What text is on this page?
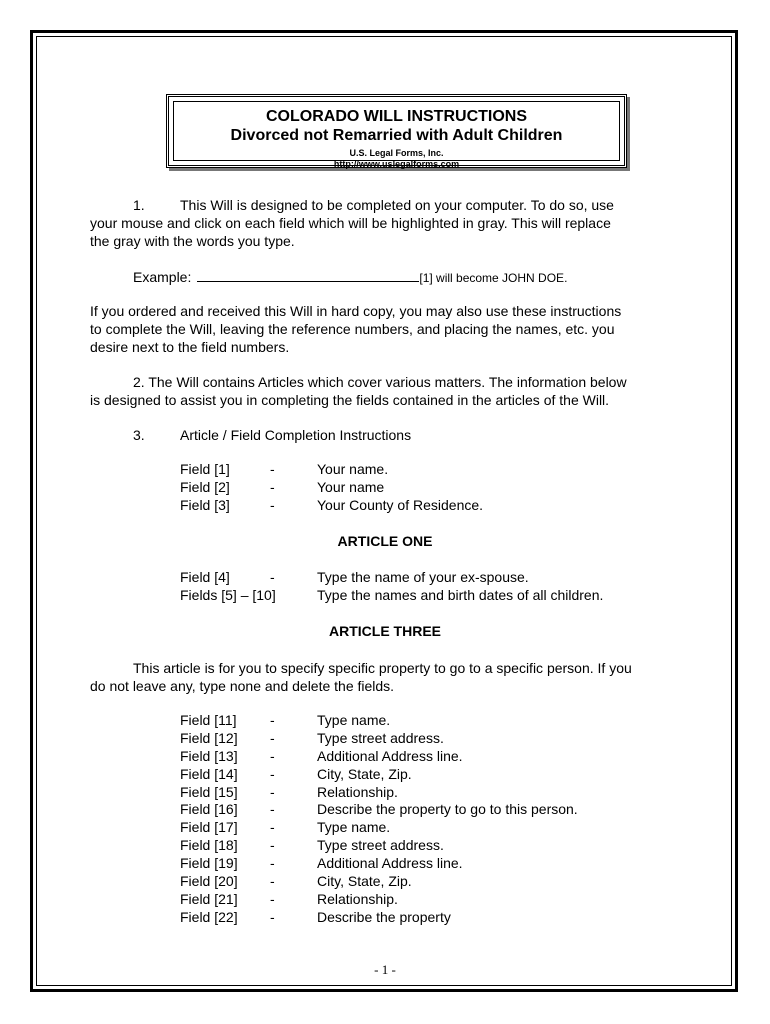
COLORADO WILL INSTRUCTIONS
Divorced not Remarried with Adult Children
U.S. Legal Forms, Inc.
http://www.uslegalforms.com
1.	This Will is designed to be completed on your computer. To do so, use
your mouse and click on each field which will be highlighted in gray. This will replace
the gray with the words you type.
Example:	[1] will become JOHN DOE.
If you ordered and received this Will in hard copy, you may also use these instructions
to complete the Will, leaving the reference numbers, and placing the names, etc. you
desire next to the field numbers.
2. The Will contains Articles which cover various matters. The information below
is designed to assist you in completing the fields contained in the articles of the Will.
3.	Article / Field Completion Instructions
Field [1]	-	Your name.
Field [2]	-	Your name
Field [3]	-	Your County of Residence.
ARTICLE ONE
Field [4]	-	Type the name of your ex-spouse.
Fields [5] – [10]	Type the names and birth dates of all children.
ARTICLE THREE
This article is for you to specify specific property to go to a specific person. If you
do not leave any, type none and delete the fields.
Field [11]	-	Type name.
Field [12]	-	Type street address.
Field [13]	-	Additional Address line.
Field [14]	-	City, State, Zip.
Field [15]	-	Relationship.
Field [16]	-	Describe the property to go to this person.
Field [17]	-	Type name.
Field [18]	-	Type street address.
Field [19]	-	Additional Address line.
Field [20]	-	City, State, Zip.
Field [21]	-	Relationship.
Field [22]	-	Describe the property
- 1 -
